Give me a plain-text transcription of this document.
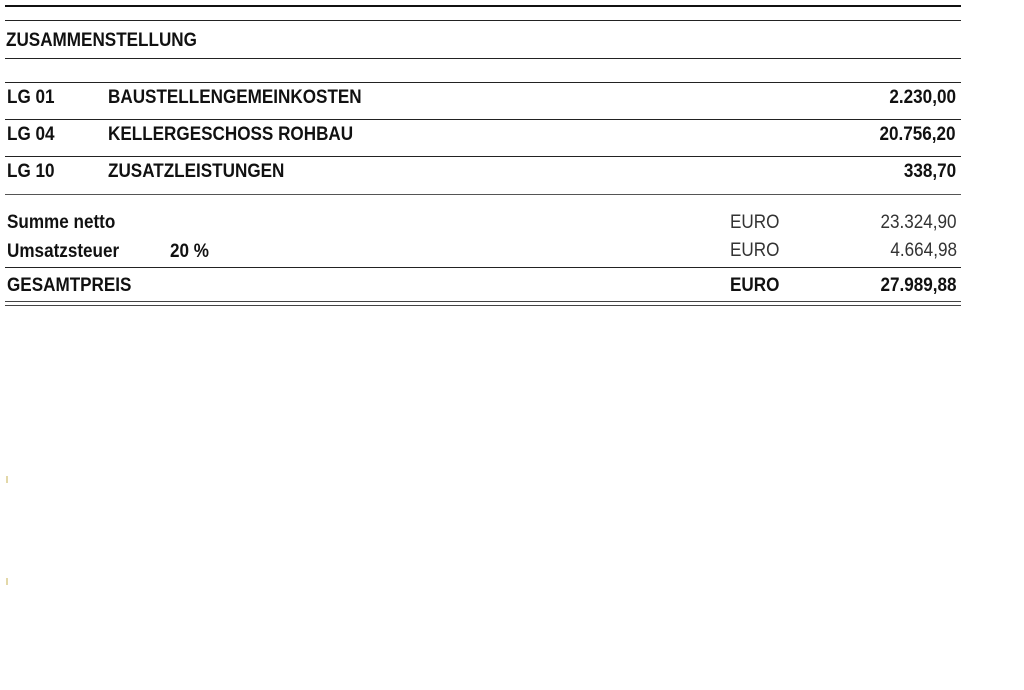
ZUSAMMENSTELLUNG
LG 01	BAUSTELLENGEMEINKOSTEN	2.230,00
LG 04	KELLERGESCHOSS ROHBAU	20.756,20
LG 10	ZUSATZLEISTUNGEN	338,70
Summe netto	EURO	23.324,90
Umsatzsteuer	20 %	EURO	4.664,98
GESAMTPREIS	EURO	27.989,88
